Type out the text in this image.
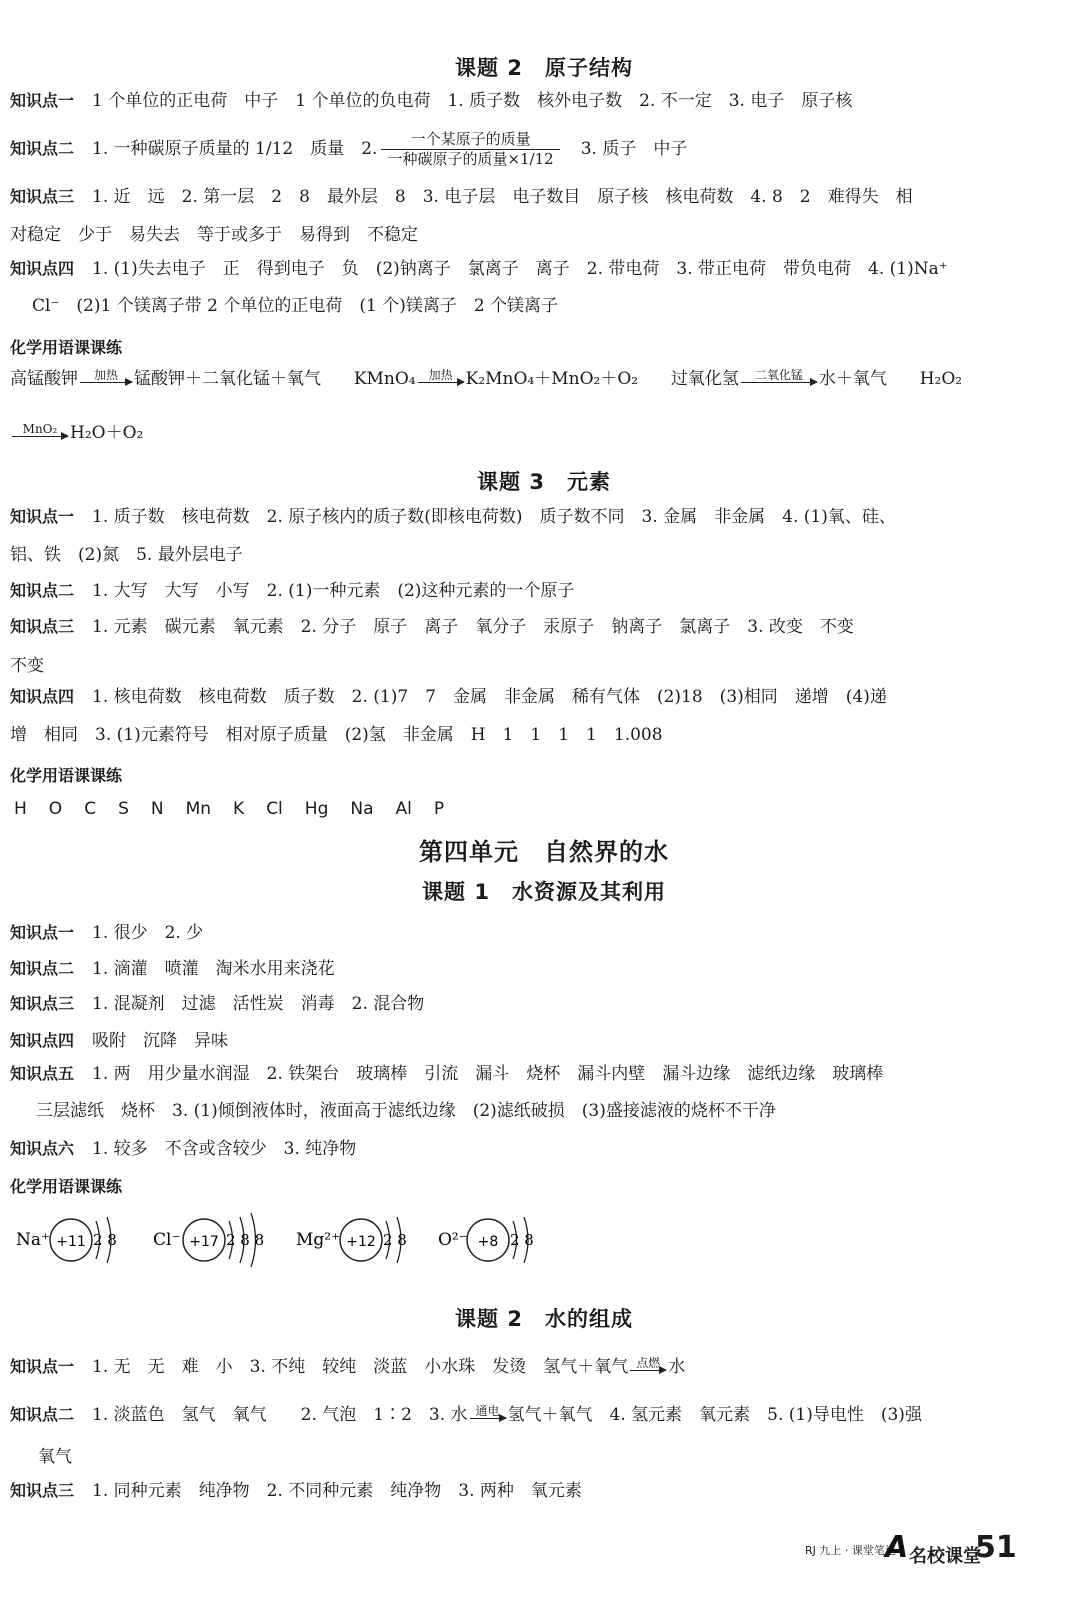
课题 2　原子结构
知识点一 1 个单位的正电荷　中子　1 个单位的负电荷　1. 质子数　核外电子数　2. 不一定　3. 电子　原子核
知识点二 1. 一种碳原子质量的 1/12　质量　2. $\frac{\text{一个某原子的质量}}{\text{一种碳原子的质量×1/12}}$ 　3. 质子　中子
知识点三 1. 近　远　2. 第一层　2　8　最外层　8　3. 电子层　电子数目　原子核　核电荷数　4. 8　2　难得失　相
对稳定　少于　易失去　等于或多于　易得到　不稳定
知识点四 1. (1)失去电子　正　得到电子　负　(2)钠离子　氯离子　离子　2. 带电荷　3. 带正电荷　带负电荷　4. (1)Na⁺
Cl⁻　(2)1 个镁离子带 2 个单位的正电荷　(1 个)镁离子　2 个镁离子
化学用语课课练
高锰酸钾	加热 锰酸钾＋二氧化锰＋氧气 KMnO₄	加热 K₂MnO₄＋MnO₂＋O₂ 过氧化氢	二氧化锰 水＋氧气 H₂O₂
MnO₂ H₂O＋O₂
课题 3　元素
知识点一 1. 质子数　核电荷数　2. 原子核内的质子数(即核电荷数)　质子数不同　3. 金属　非金属　4. (1)氧、硅、
铝、铁　(2)氮　5. 最外层电子
知识点二 1. 大写　大写　小写　2. (1)一种元素　(2)这种元素的一个原子
知识点三 1. 元素　碳元素　氧元素　2. 分子　原子　离子　氧分子　汞原子　钠离子　氯离子　3. 改变　不变
不变
知识点四 1. 核电荷数　核电荷数　质子数　2. (1)7　7　金属　非金属　稀有气体　(2)18　(3)相同　递增　(4)递
增　相同　3. (1)元素符号　相对原子质量　(2)氢　非金属　H　1　1　1　1　1.008
化学用语课课练
H O C S N Mn K Cl Hg Na Al P
第四单元　自然界的水
课题 1　水资源及其利用
知识点一 1. 很少　2. 少
知识点二 1. 滴灌　喷灌　淘米水用来浇花
知识点三 1. 混凝剂　过滤　活性炭　消毒　2. 混合物
知识点四 吸附　沉降　异味
知识点五 1. 两　用少量水润湿　2. 铁架台　玻璃棒　引流　漏斗　烧杯　漏斗内壁　漏斗边缘　滤纸边缘　玻璃棒
三层滤纸　烧杯　3. (1)倾倒液体时，液面高于滤纸边缘　(2)滤纸破损　(3)盛接滤液的烧杯不干净
知识点六 1. 较多　不含或含较少　3. 纯净物
化学用语课课练
Na⁺ +11 2 8 Cl⁻ +17 2 8 8 Mg²⁺ +12 2 8 O²⁻ +8 2 8
课题 2　水的组成
知识点一 1. 无　无　难　小　3. 不纯　较纯　淡蓝　小水珠　发烫　氢气＋氧气 点燃 水
知识点二 1. 淡蓝色　氢气　氧气　　2. 气泡　1∶2　3. 水 通电 氢气＋氧气　4. 氢元素　氧元素　5. (1)导电性　(3)强
氧气
知识点三 1. 同种元素　纯净物　2. 不同种元素　纯净物　3. 两种　氧元素
RJ 九上 · 课堂笔记
A 名校课堂
51
